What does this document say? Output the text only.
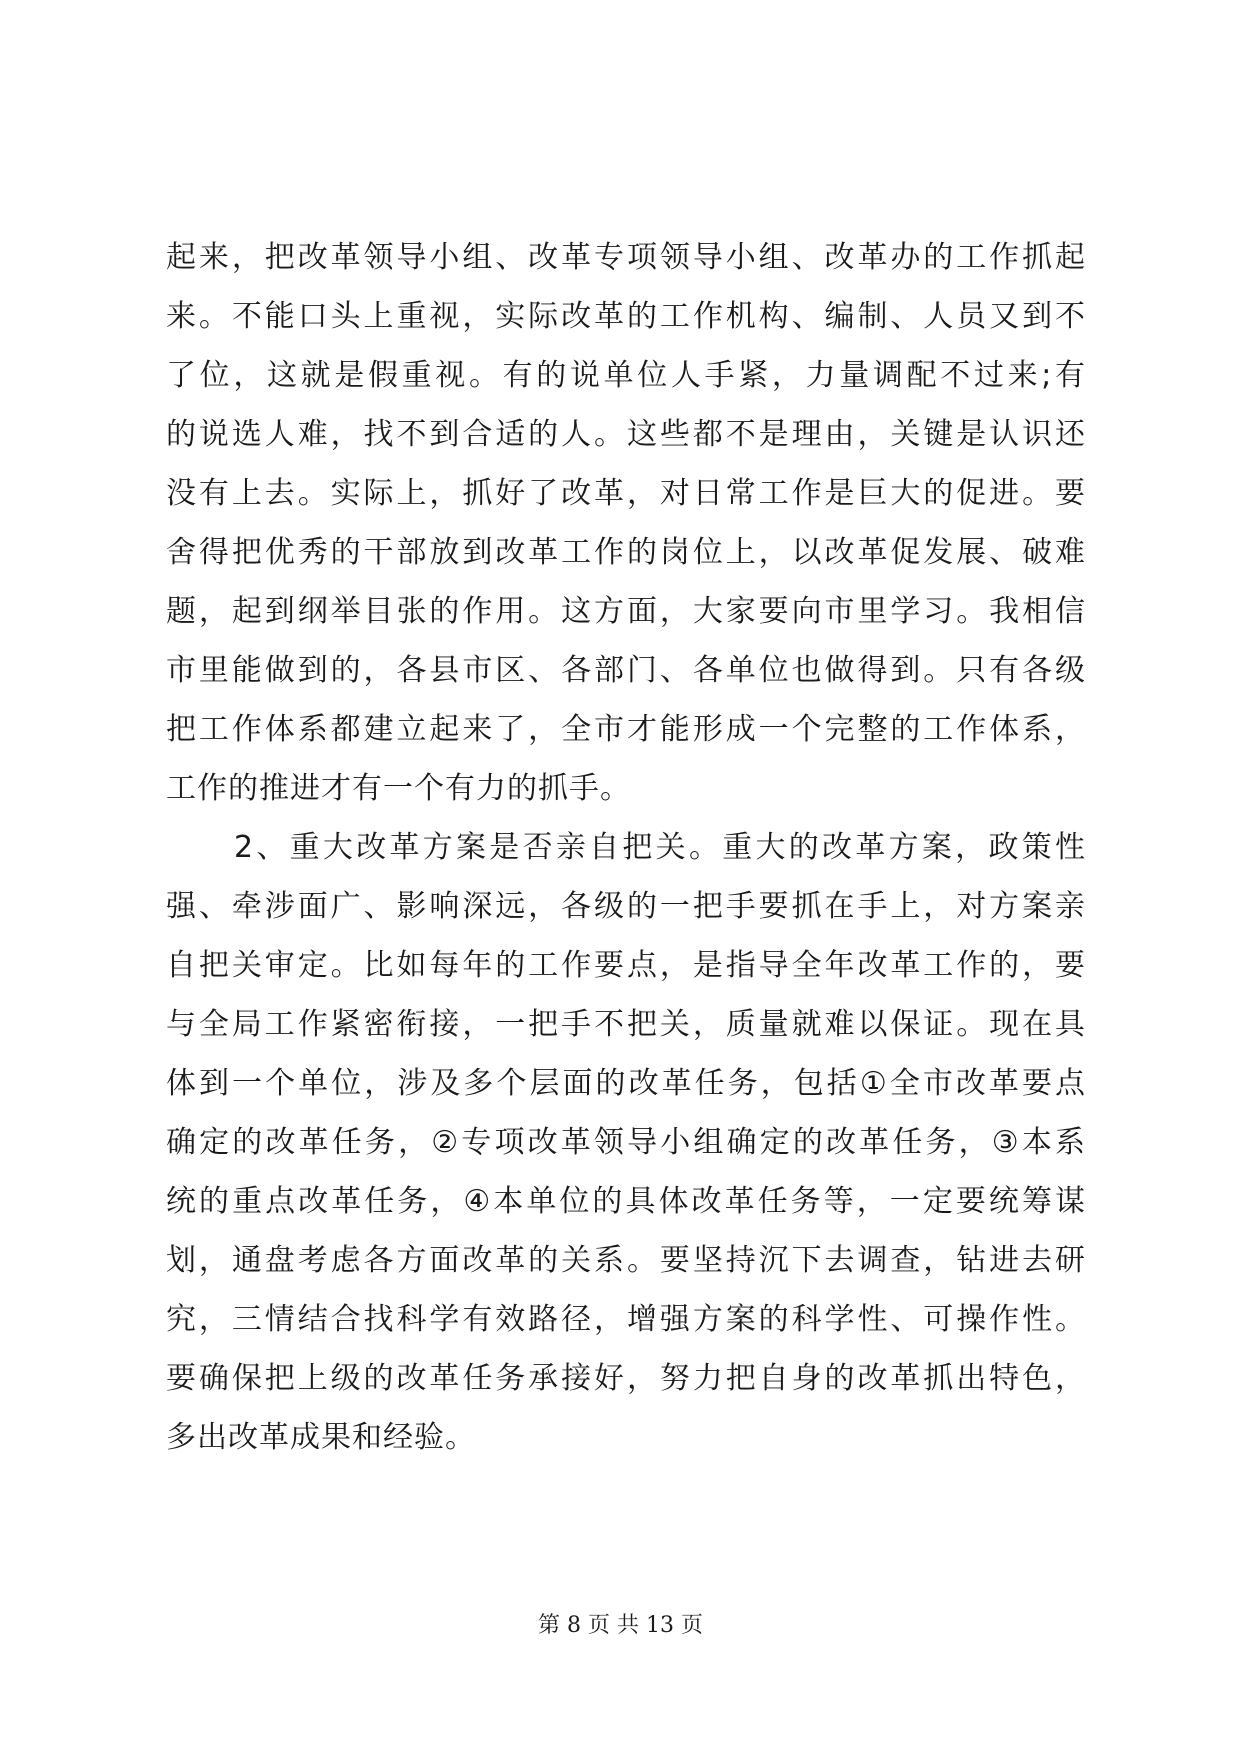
起来，把改革领导小组、改革专项领导小组、改革办的工作抓起
来。不能口头上重视，实际改革的工作机构、编制、人员又到不
了位，这就是假重视。有的说单位人手紧，力量调配不过来;有
的说选人难，找不到合适的人。这些都不是理由，关键是认识还
没有上去。实际上，抓好了改革，对日常工作是巨大的促进。要
舍得把优秀的干部放到改革工作的岗位上，以改革促发展、破难
题，起到纲举目张的作用。这方面，大家要向市里学习。我相信
市里能做到的，各县市区、各部门、各单位也做得到。只有各级
把工作体系都建立起来了，全市才能形成一个完整的工作体系，
工作的推进才有一个有力的抓手。
2、重大改革方案是否亲自把关。重大的改革方案，政策性
强、牵涉面广、影响深远，各级的一把手要抓在手上，对方案亲
自把关审定。比如每年的工作要点，是指导全年改革工作的，要
与全局工作紧密衔接，一把手不把关，质量就难以保证。现在具
体到一个单位，涉及多个层面的改革任务，包括①全市改革要点
确定的改革任务，②专项改革领导小组确定的改革任务，③本系
统的重点改革任务，④本单位的具体改革任务等，一定要统筹谋
划，通盘考虑各方面改革的关系。要坚持沉下去调查，钻进去研
究，三情结合找科学有效路径，增强方案的科学性、可操作性。
要确保把上级的改革任务承接好，努力把自身的改革抓出特色，
多出改革成果和经验。
第 8 页 共 13 页
